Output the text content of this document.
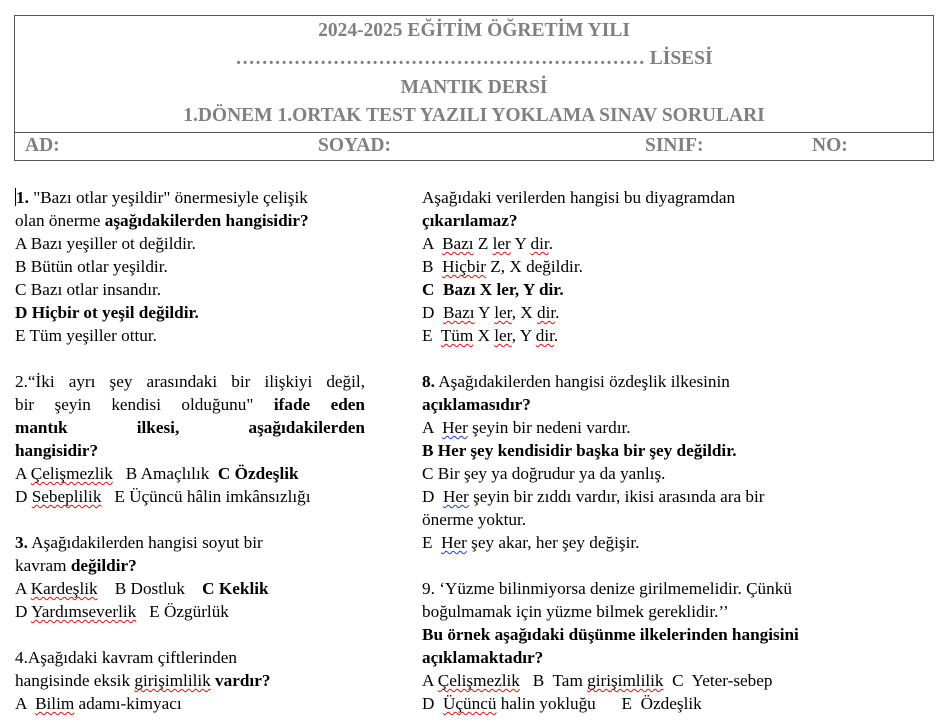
2024-2025 EĞİTİM ÖĞRETİM YILI
……………………………………………………… LİSESİ
MANTIK DERSİ
1.DÖNEM 1.ORTAK TEST YAZILI YOKLAMA SINAV SORULARI
AD:	SOYAD:	SINIF:	NO:
1. "Bazı otlar yeşildir" önermesiyle çelişik
olan önerme aşağıdakilerden hangisidir?
A Bazı yeşiller ot değildir.
B Bütün otlar yeşildir.
C Bazı otlar insandır.
D Hiçbir ot yeşil değildir.
E Tüm yeşiller ottur.
2.“İki ayrı şey arasındaki bir ilişkiyi değil,
bir şeyin kendisi olduğunu" ifade eden
mantık ilkesi, aşağıdakilerden
hangisidir?
A Çelişmezlik   B Amaçlılık  C Özdeşlik
D Sebeplilik   E Üçüncü hâlin imkânsızlığı
3. Aşağıdakilerden hangisi soyut bir
kavram değildir?
A Kardeşlik    B Dostluk    C Keklik
D Yardımseverlik   E Özgürlük
4.Aşağıdaki kavram çiftlerinden
hangisinde eksik girişimlilik vardır?
A  Bilim adamı-kimyacı
Aşağıdaki verilerden hangisi bu diyagramdan
çıkarılamaz?
A  Bazı Z ler Y dir.
B  Hiçbir Z, X değildir.
C  Bazı X ler, Y dir.
D  Bazı Y ler, X dir.
E  Tüm X ler, Y dir.
8. Aşağıdakilerden hangisi özdeşlik ilkesinin
açıklamasıdır?
A  Her şeyin bir nedeni vardır.
B Her şey kendisidir başka bir şey değildir.
C Bir şey ya doğrudur ya da yanlış.
D  Her şeyin bir zıddı vardır, ikisi arasında ara bir
önerme yoktur.
E  Her şey akar, her şey değişir.
9. ‘Yüzme bilinmiyorsa denize girilmemelidir. Çünkü
boğulmamak için yüzme bilmek gereklidir.’’
Bu örnek aşağıdaki düşünme ilkelerinden hangisini
açıklamaktadır?
A Çelişmezlik   B  Tam girişimlilik  C  Yeter-sebep
D  Üçüncü halin yokluğu      E  Özdeşlik
